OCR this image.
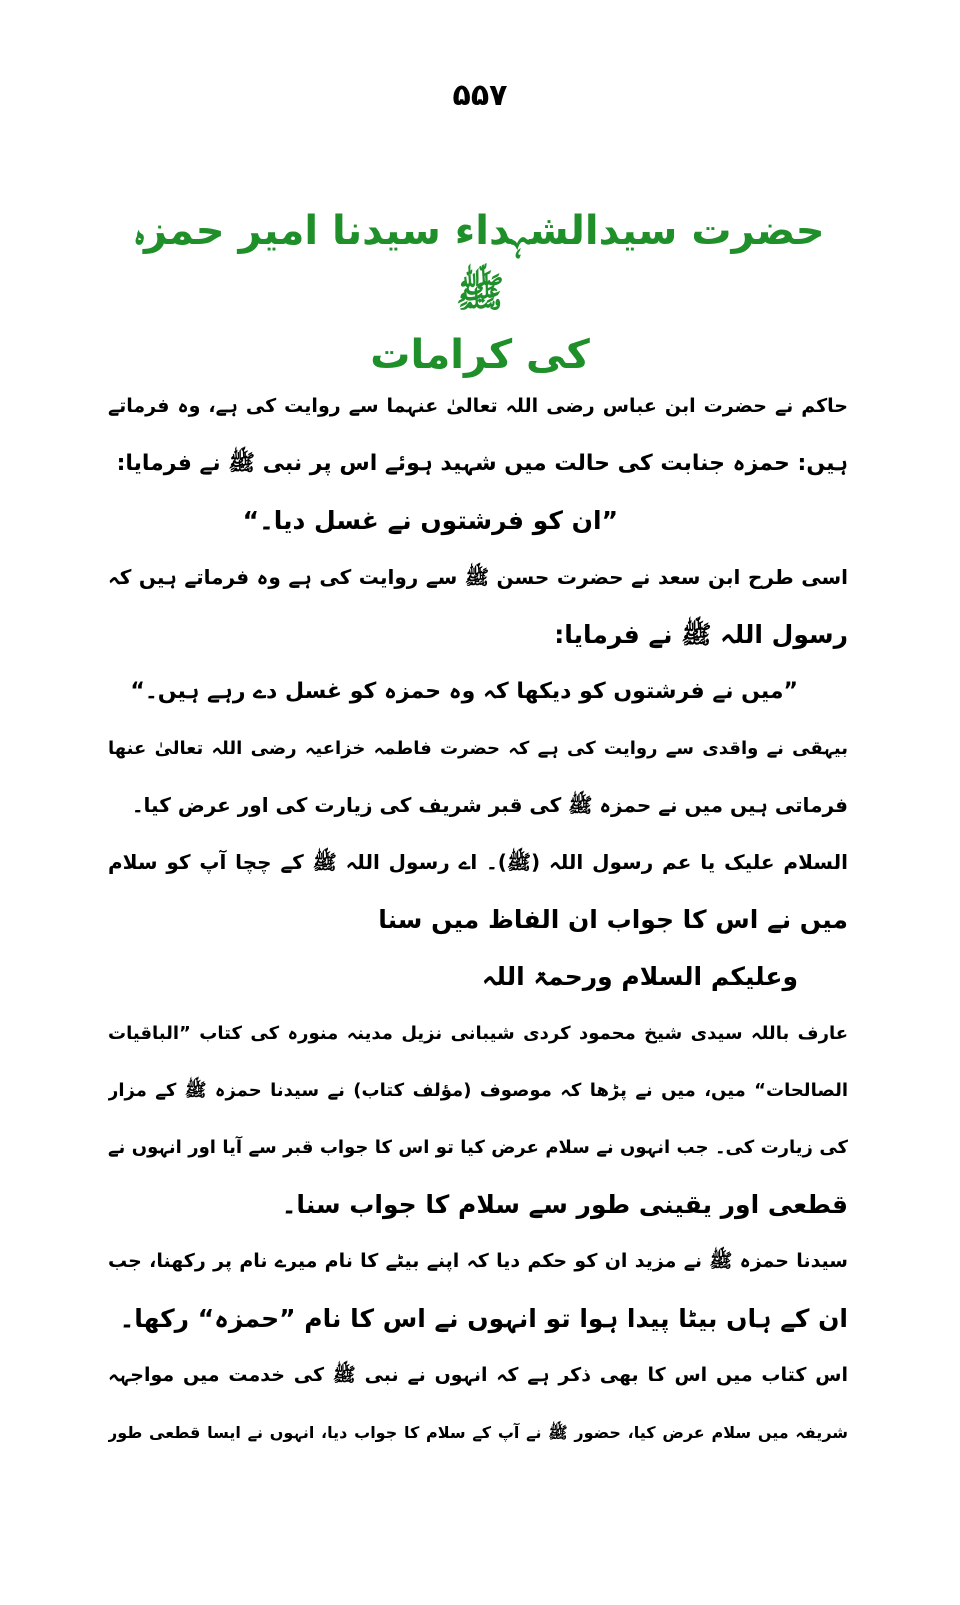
۵۵۷
حضرت سیدالشہداء سیدنا امیر حمزہ ﷺ
کی کرامات
حاکم نے حضرت ابن عباس رضی اللہ تعالیٰ عنہما سے روایت کی ہے، وہ فرماتے
ہیں: حمزہ جنابت کی حالت میں شہید ہوئے اس پر نبی ﷺ نے فرمایا:
”ان کو فرشتوں نے غسل دیا۔“
اسی طرح ابن سعد نے حضرت حسن ﷺ سے روایت کی ہے وہ فرماتے ہیں کہ
رسول اللہ ﷺ نے فرمایا:
”میں نے فرشتوں کو دیکھا کہ وہ حمزہ کو غسل دے رہے ہیں۔“
بیہقی نے واقدی سے روایت کی ہے کہ حضرت فاطمہ خزاعیہ رضی اللہ تعالیٰ عنھا
فرماتی ہیں میں نے حمزہ ﷺ کی قبر شریف کی زیارت کی اور عرض کیا۔
السلام علیک یا عم رسول اللہ (ﷺ)۔ اے رسول اللہ ﷺ کے چچا آپ کو سلام
میں نے اس کا جواب ان الفاظ میں سنا
وعلیکم السلام ورحمۃ اللہ
عارف باللہ سیدی شیخ محمود کردی شیبانی نزیل مدینہ منورہ کی کتاب ”الباقیات
الصالحات“ میں، میں نے پڑھا کہ موصوف (مؤلف کتاب) نے سیدنا حمزہ ﷺ کے مزار
کی زیارت کی۔ جب انہوں نے سلام عرض کیا تو اس کا جواب قبر سے آیا اور انہوں نے
قطعی اور یقینی طور سے سلام کا جواب سنا۔
سیدنا حمزہ ﷺ نے مزید ان کو حکم دیا کہ اپنے بیٹے کا نام میرے نام پر رکھنا، جب
ان کے ہاں بیٹا پیدا ہوا تو انہوں نے اس کا نام ”حمزہ“ رکھا۔
اس کتاب میں اس کا بھی ذکر ہے کہ انہوں نے نبی ﷺ کی خدمت میں مواجہہ
شریفہ میں سلام عرض کیا، حضور ﷺ نے آپ کے سلام کا جواب دیا، انہوں نے ایسا قطعی طور
